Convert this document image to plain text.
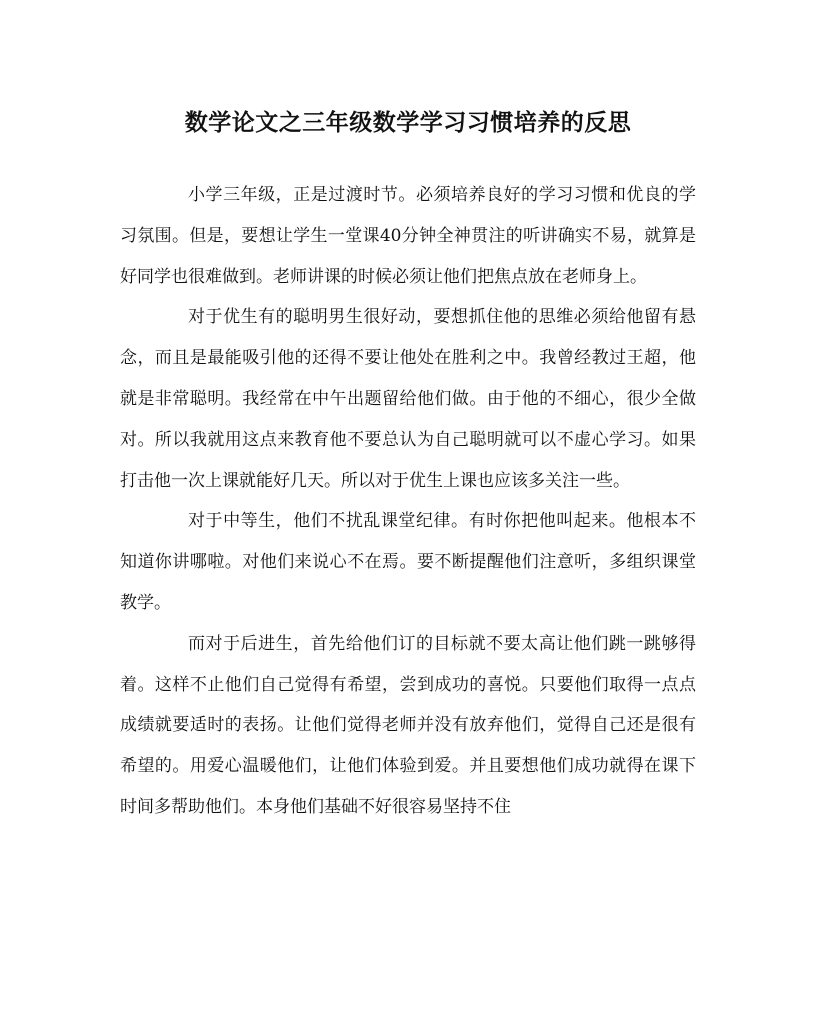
数学论文之三年级数学学习习惯培养的反思

小学三年级，正是过渡时节。必须培养良好的学习习惯和优良的学习氛围。但是，要想让学生一堂课40分钟全神贯注的听讲确实不易，就算是好同学也很难做到。老师讲课的时候必须让他们把焦点放在老师身上。

对于优生有的聪明男生很好动，要想抓住他的思维必须给他留有悬念，而且是最能吸引他的还得不要让他处在胜利之中。我曾经教过王超，他就是非常聪明。我经常在中午出题留给他们做。由于他的不细心，很少全做对。所以我就用这点来教育他不要总认为自己聪明就可以不虚心学习。如果打击他一次上课就能好几天。所以对于优生上课也应该多关注一些。

对于中等生，他们不扰乱课堂纪律。有时你把他叫起来。他根本不知道你讲哪啦。对他们来说心不在焉。要不断提醒他们注意听，多组织课堂教学。

而对于后进生，首先给他们订的目标就不要太高让他们跳一跳够得着。这样不止他们自己觉得有希望，尝到成功的喜悦。只要他们取得一点点成绩就要适时的表扬。让他们觉得老师并没有放弃他们，觉得自己还是很有希望的。用爱心温暖他们，让他们体验到爱。并且要想他们成功就得在课下时间多帮助他们。本身他们基础不好很容易坚持不住
